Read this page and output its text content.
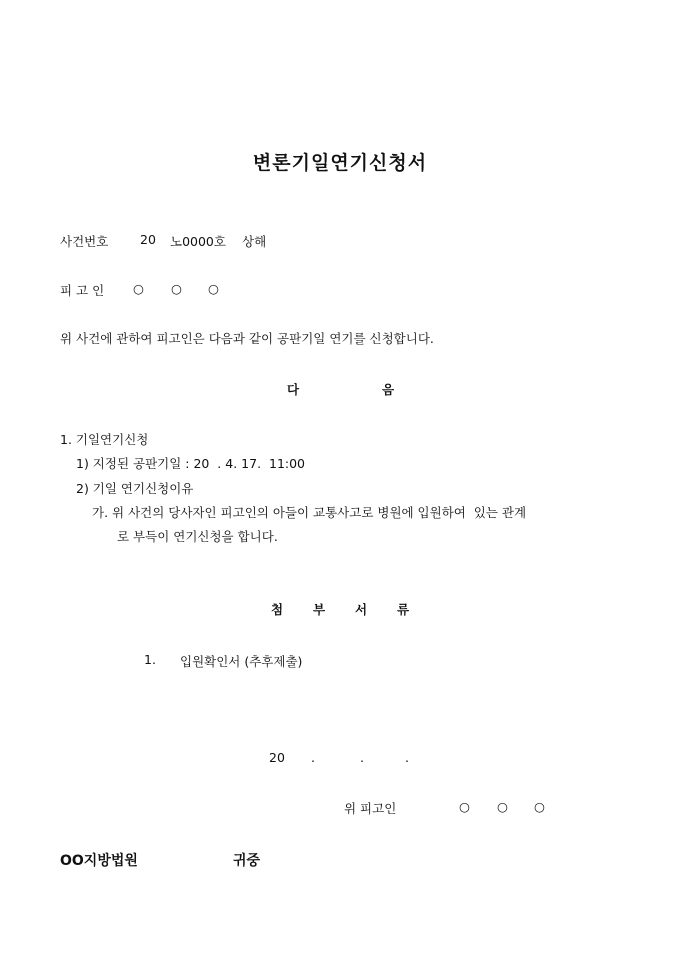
변론기일연기신청서
사건번호	20 노0000호 상해
피 고 인 ○ ○ ○
위 사건에 관하여 피고인은 다음과 같이 공판기일 연기를 신청합니다.
다	음
1. 기일연기신청
1) 지정된 공판기일 : 20  . 4. 17.  11:00
2) 기일 연기신청이유
가. 위 사건의 당사자인 피고인의 아들이 교통사고로 병원에 입원하여  있는 관계
로 부득이 연기신청을 합니다.
첨 부 서 류
1. 입원확인서 (추후제출)
20 .	.	.
위 피고인	○ ○ ○
OO지방법원	귀중
